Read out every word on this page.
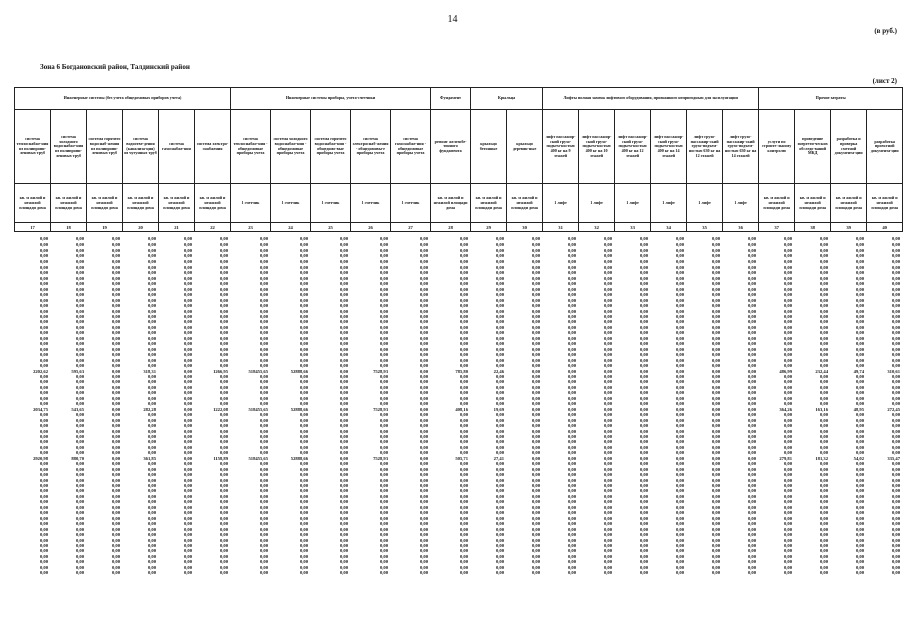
14
(в руб.)
Зона 6 Богдановский район, Талдинский район
(лист 2)
Инженерные системы (без учета общедомовых приборов учета)						Инженерные системы приборы, учета-счетчики					Фундамент	Крыльца		Лифты полная замена лифтового оборудования, признанного непригодным для эксплуатации						Прочие затраты			
система теплоснабже-ния из полипропи-леновых труб	система холодного водоснабже-ния из полипропи-леновых труб	система горячего водоснаб-жения из полипропи-леновых труб	система водоотве-дения (канализа-ция) из чугунных труб	система газоснабже-ния	система электро-снабжения	система теплоснабже-ния - общедомовые приборы учета	система холодного водоснабже-ния - общедомовые приборы учета	система горячего водоснабже-ния - общедомо-вые приборы учета	система электроснаб-жения - общедомовы-е приборы учета	система газоснабже-ния - общедомовые приборы учета	ремонт железобе-тонного фундамента	крыльцо бетонные	крыльцо деревян-ные	лифт пассажир-ский грузо-подъем-ностью 400 кг на 9 этажей	лифт пассажир-ский грузо-подъем-ностью 400 кг на 10 этажей	лифт пассажир-ский грузо-подъем-ностью 400 кг на 12 этажей	лифт пассажир-ский грузо-подъем-ностью 400 кг на 14 этажей	лифт грузо-пассажир-ский грузо-подъем-ностью 630 кг на 12 этажей	лифт грузо-пассажир-ский грузо-подъем-ностью 630 кг на 14 этажей	услуги по строите-льному контролю	проведение энергети-ческих обследо-ваний МКД	разработка и проверка сметной документа-ции	разработка проектной документа-ции
кв. м жилой и нежилой площади дома	кв. м жилой и нежилой площади дома	кв. м жилой и нежилой площади дома	кв. м жилой и нежилой площади дома	кв. м жилой и нежилой площади дома	кв. м жилой и нежилой площади дома	1 счетчик	1 счетчик	1 счетчик	1 счетчик	1 счетчик	кв. м жилой и нежилой площади дома	кв. м жилой и нежилой площади дома	кв. м жилой и нежилой площади дома	1 лифт	1 лифт	1 лифт	1 лифт	1 лифт	1 лифт	кв. м жилой и нежилой площади дома	кв. м жилой и нежилой площади дома	кв. м жилой и нежилой площади дома	кв. м жилой и нежилой площади дома
17	18	19	20	21	22	23	24	25	26	27	28	29	30	31	32	33	34	35	36	37	38	39	40
0,00	0,00	0,00	0,00	0,00	0,00	0,00	0,00	0,00	0,00	0,00	0,00	0,00	0,00	0,00	0,00	0,00	0,00	0,00	0,00	0,00	0,00	0,00	0,00
0,00	0,00	0,00	0,00	0,00	0,00	0,00	0,00	0,00	0,00	0,00	0,00	0,00	0,00	0,00	0,00	0,00	0,00	0,00	0,00	0,00	0,00	0,00	0,00
0,00	0,00	0,00	0,00	0,00	0,00	0,00	0,00	0,00	0,00	0,00	0,00	0,00	0,00	0,00	0,00	0,00	0,00	0,00	0,00	0,00	0,00	0,00	0,00
0,00	0,00	0,00	0,00	0,00	0,00	0,00	0,00	0,00	0,00	0,00	0,00	0,00	0,00	0,00	0,00	0,00	0,00	0,00	0,00	0,00	0,00	0,00	0,00
0,00	0,00	0,00	0,00	0,00	0,00	0,00	0,00	0,00	0,00	0,00	0,00	0,00	0,00	0,00	0,00	0,00	0,00	0,00	0,00	0,00	0,00	0,00	0,00
0,00	0,00	0,00	0,00	0,00	0,00	0,00	0,00	0,00	0,00	0,00	0,00	0,00	0,00	0,00	0,00	0,00	0,00	0,00	0,00	0,00	0,00	0,00	0,00
0,00	0,00	0,00	0,00	0,00	0,00	0,00	0,00	0,00	0,00	0,00	0,00	0,00	0,00	0,00	0,00	0,00	0,00	0,00	0,00	0,00	0,00	0,00	0,00
0,00	0,00	0,00	0,00	0,00	0,00	0,00	0,00	0,00	0,00	0,00	0,00	0,00	0,00	0,00	0,00	0,00	0,00	0,00	0,00	0,00	0,00	0,00	0,00
0,00	0,00	0,00	0,00	0,00	0,00	0,00	0,00	0,00	0,00	0,00	0,00	0,00	0,00	0,00	0,00	0,00	0,00	0,00	0,00	0,00	0,00	0,00	0,00
0,00	0,00	0,00	0,00	0,00	0,00	0,00	0,00	0,00	0,00	0,00	0,00	0,00	0,00	0,00	0,00	0,00	0,00	0,00	0,00	0,00	0,00	0,00	0,00
0,00	0,00	0,00	0,00	0,00	0,00	0,00	0,00	0,00	0,00	0,00	0,00	0,00	0,00	0,00	0,00	0,00	0,00	0,00	0,00	0,00	0,00	0,00	0,00
0,00	0,00	0,00	0,00	0,00	0,00	0,00	0,00	0,00	0,00	0,00	0,00	0,00	0,00	0,00	0,00	0,00	0,00	0,00	0,00	0,00	0,00	0,00	0,00
0,00	0,00	0,00	0,00	0,00	0,00	0,00	0,00	0,00	0,00	0,00	0,00	0,00	0,00	0,00	0,00	0,00	0,00	0,00	0,00	0,00	0,00	0,00	0,00
0,00	0,00	0,00	0,00	0,00	0,00	0,00	0,00	0,00	0,00	0,00	0,00	0,00	0,00	0,00	0,00	0,00	0,00	0,00	0,00	0,00	0,00	0,00	0,00
0,00	0,00	0,00	0,00	0,00	0,00	0,00	0,00	0,00	0,00	0,00	0,00	0,00	0,00	0,00	0,00	0,00	0,00	0,00	0,00	0,00	0,00	0,00	0,00
0,00	0,00	0,00	0,00	0,00	0,00	0,00	0,00	0,00	0,00	0,00	0,00	0,00	0,00	0,00	0,00	0,00	0,00	0,00	0,00	0,00	0,00	0,00	0,00
0,00	0,00	0,00	0,00	0,00	0,00	0,00	0,00	0,00	0,00	0,00	0,00	0,00	0,00	0,00	0,00	0,00	0,00	0,00	0,00	0,00	0,00	0,00	0,00
0,00	0,00	0,00	0,00	0,00	0,00	0,00	0,00	0,00	0,00	0,00	0,00	0,00	0,00	0,00	0,00	0,00	0,00	0,00	0,00	0,00	0,00	0,00	0,00
0,00	0,00	0,00	0,00	0,00	0,00	0,00	0,00	0,00	0,00	0,00	0,00	0,00	0,00	0,00	0,00	0,00	0,00	0,00	0,00	0,00	0,00	0,00	0,00
0,00	0,00	0,00	0,00	0,00	0,00	0,00	0,00	0,00	0,00	0,00	0,00	0,00	0,00	0,00	0,00	0,00	0,00	0,00	0,00	0,00	0,00	0,00	0,00
0,00	0,00	0,00	0,00	0,00	0,00	0,00	0,00	0,00	0,00	0,00	0,00	0,00	0,00	0,00	0,00	0,00	0,00	0,00	0,00	0,00	0,00	0,00	0,00
0,00	0,00	0,00	0,00	0,00	0,00	0,00	0,00	0,00	0,00	0,00	0,00	0,00	0,00	0,00	0,00	0,00	0,00	0,00	0,00	0,00	0,00	0,00	0,00
0,00	0,00	0,00	0,00	0,00	0,00	0,00	0,00	0,00	0,00	0,00	0,00	0,00	0,00	0,00	0,00	0,00	0,00	0,00	0,00	0,00	0,00	0,00	0,00
0,00	0,00	0,00	0,00	0,00	0,00	0,00	0,00	0,00	0,00	0,00	0,00	0,00	0,00	0,00	0,00	0,00	0,00	0,00	0,00	0,00	0,00	0,00	0,00
2202,62	595,63	0,00	318,31	0,00	1266,95	518455,65	52888,66	0,00	7528,93	0,00	785,80	22,46	0,00	0,00	0,00	0,00	0,00	0,00	0,00	486,99	232,44	49,74	310,61
0,00	0,00	0,00	0,00	0,00	0,00	0,00	0,00	0,00	0,00	0,00	0,00	0,00	0,00	0,00	0,00	0,00	0,00	0,00	0,00	0,00	0,00	0,00	0,00
0,00	0,00	0,00	0,00	0,00	0,00	0,00	0,00	0,00	0,00	0,00	0,00	0,00	0,00	0,00	0,00	0,00	0,00	0,00	0,00	0,00	0,00	0,00	0,00
0,00	0,00	0,00	0,00	0,00	0,00	0,00	0,00	0,00	0,00	0,00	0,00	0,00	0,00	0,00	0,00	0,00	0,00	0,00	0,00	0,00	0,00	0,00	0,00
0,00	0,00	0,00	0,00	0,00	0,00	0,00	0,00	0,00	0,00	0,00	0,00	0,00	0,00	0,00	0,00	0,00	0,00	0,00	0,00	0,00	0,00	0,00	0,00
0,00	0,00	0,00	0,00	0,00	0,00	0,00	0,00	0,00	0,00	0,00	0,00	0,00	0,00	0,00	0,00	0,00	0,00	0,00	0,00	0,00	0,00	0,00	0,00
0,00	0,00	0,00	0,00	0,00	0,00	0,00	0,00	0,00	0,00	0,00	0,00	0,00	0,00	0,00	0,00	0,00	0,00	0,00	0,00	0,00	0,00	0,00	0,00
2034,75	543,65	0,00	282,28	0,00	1222,08	518455,65	52888,66	0,00	7528,93	0,00	408,16	19,69	0,00	0,00	0,00	0,00	0,00	0,00	0,00	364,26	163,16	48,95	272,45
0,00	0,00	0,00	0,00	0,00	0,00	0,00	0,00	0,00	0,00	0,00	0,00	0,00	0,00	0,00	0,00	0,00	0,00	0,00	0,00	0,00	0,00	0,00	0,00
0,00	0,00	0,00	0,00	0,00	0,00	0,00	0,00	0,00	0,00	0,00	0,00	0,00	0,00	0,00	0,00	0,00	0,00	0,00	0,00	0,00	0,00	0,00	0,00
0,00	0,00	0,00	0,00	0,00	0,00	0,00	0,00	0,00	0,00	0,00	0,00	0,00	0,00	0,00	0,00	0,00	0,00	0,00	0,00	0,00	0,00	0,00	0,00
0,00	0,00	0,00	0,00	0,00	0,00	0,00	0,00	0,00	0,00	0,00	0,00	0,00	0,00	0,00	0,00	0,00	0,00	0,00	0,00	0,00	0,00	0,00	0,00
0,00	0,00	0,00	0,00	0,00	0,00	0,00	0,00	0,00	0,00	0,00	0,00	0,00	0,00	0,00	0,00	0,00	0,00	0,00	0,00	0,00	0,00	0,00	0,00
0,00	0,00	0,00	0,00	0,00	0,00	0,00	0,00	0,00	0,00	0,00	0,00	0,00	0,00	0,00	0,00	0,00	0,00	0,00	0,00	0,00	0,00	0,00	0,00
0,00	0,00	0,00	0,00	0,00	0,00	0,00	0,00	0,00	0,00	0,00	0,00	0,00	0,00	0,00	0,00	0,00	0,00	0,00	0,00	0,00	0,00	0,00	0,00
0,00	0,00	0,00	0,00	0,00	0,00	0,00	0,00	0,00	0,00	0,00	0,00	0,00	0,00	0,00	0,00	0,00	0,00	0,00	0,00	0,00	0,00	0,00	0,00
2920,98	880,70	0,00	361,85	0,00	1158,89	518455,65	52888,66	0,00	7528,93	0,00	505,71	27,41	0,00	0,00	0,00	0,00	0,00	0,00	0,00	279,81	181,32	54,02	335,47
0,00	0,00	0,00	0,00	0,00	0,00	0,00	0,00	0,00	0,00	0,00	0,00	0,00	0,00	0,00	0,00	0,00	0,00	0,00	0,00	0,00	0,00	0,00	0,00
0,00	0,00	0,00	0,00	0,00	0,00	0,00	0,00	0,00	0,00	0,00	0,00	0,00	0,00	0,00	0,00	0,00	0,00	0,00	0,00	0,00	0,00	0,00	0,00
0,00	0,00	0,00	0,00	0,00	0,00	0,00	0,00	0,00	0,00	0,00	0,00	0,00	0,00	0,00	0,00	0,00	0,00	0,00	0,00	0,00	0,00	0,00	0,00
0,00	0,00	0,00	0,00	0,00	0,00	0,00	0,00	0,00	0,00	0,00	0,00	0,00	0,00	0,00	0,00	0,00	0,00	0,00	0,00	0,00	0,00	0,00	0,00
0,00	0,00	0,00	0,00	0,00	0,00	0,00	0,00	0,00	0,00	0,00	0,00	0,00	0,00	0,00	0,00	0,00	0,00	0,00	0,00	0,00	0,00	0,00	0,00
0,00	0,00	0,00	0,00	0,00	0,00	0,00	0,00	0,00	0,00	0,00	0,00	0,00	0,00	0,00	0,00	0,00	0,00	0,00	0,00	0,00	0,00	0,00	0,00
0,00	0,00	0,00	0,00	0,00	0,00	0,00	0,00	0,00	0,00	0,00	0,00	0,00	0,00	0,00	0,00	0,00	0,00	0,00	0,00	0,00	0,00	0,00	0,00
0,00	0,00	0,00	0,00	0,00	0,00	0,00	0,00	0,00	0,00	0,00	0,00	0,00	0,00	0,00	0,00	0,00	0,00	0,00	0,00	0,00	0,00	0,00	0,00
0,00	0,00	0,00	0,00	0,00	0,00	0,00	0,00	0,00	0,00	0,00	0,00	0,00	0,00	0,00	0,00	0,00	0,00	0,00	0,00	0,00	0,00	0,00	0,00
0,00	0,00	0,00	0,00	0,00	0,00	0,00	0,00	0,00	0,00	0,00	0,00	0,00	0,00	0,00	0,00	0,00	0,00	0,00	0,00	0,00	0,00	0,00	0,00
0,00	0,00	0,00	0,00	0,00	0,00	0,00	0,00	0,00	0,00	0,00	0,00	0,00	0,00	0,00	0,00	0,00	0,00	0,00	0,00	0,00	0,00	0,00	0,00
0,00	0,00	0,00	0,00	0,00	0,00	0,00	0,00	0,00	0,00	0,00	0,00	0,00	0,00	0,00	0,00	0,00	0,00	0,00	0,00	0,00	0,00	0,00	0,00
0,00	0,00	0,00	0,00	0,00	0,00	0,00	0,00	0,00	0,00	0,00	0,00	0,00	0,00	0,00	0,00	0,00	0,00	0,00	0,00	0,00	0,00	0,00	0,00
0,00	0,00	0,00	0,00	0,00	0,00	0,00	0,00	0,00	0,00	0,00	0,00	0,00	0,00	0,00	0,00	0,00	0,00	0,00	0,00	0,00	0,00	0,00	0,00
0,00	0,00	0,00	0,00	0,00	0,00	0,00	0,00	0,00	0,00	0,00	0,00	0,00	0,00	0,00	0,00	0,00	0,00	0,00	0,00	0,00	0,00	0,00	0,00
0,00	0,00	0,00	0,00	0,00	0,00	0,00	0,00	0,00	0,00	0,00	0,00	0,00	0,00	0,00	0,00	0,00	0,00	0,00	0,00	0,00	0,00	0,00	0,00
0,00	0,00	0,00	0,00	0,00	0,00	0,00	0,00	0,00	0,00	0,00	0,00	0,00	0,00	0,00	0,00	0,00	0,00	0,00	0,00	0,00	0,00	0,00	0,00
0,00	0,00	0,00	0,00	0,00	0,00	0,00	0,00	0,00	0,00	0,00	0,00	0,00	0,00	0,00	0,00	0,00	0,00	0,00	0,00	0,00	0,00	0,00	0,00
0,00	0,00	0,00	0,00	0,00	0,00	0,00	0,00	0,00	0,00	0,00	0,00	0,00	0,00	0,00	0,00	0,00	0,00	0,00	0,00	0,00	0,00	0,00	0,00
0,00	0,00	0,00	0,00	0,00	0,00	0,00	0,00	0,00	0,00	0,00	0,00	0,00	0,00	0,00	0,00	0,00	0,00	0,00	0,00	0,00	0,00	0,00	0,00
0,00	0,00	0,00	0,00	0,00	0,00	0,00	0,00	0,00	0,00	0,00	0,00	0,00	0,00	0,00	0,00	0,00	0,00	0,00	0,00	0,00	0,00	0,00	0,00
